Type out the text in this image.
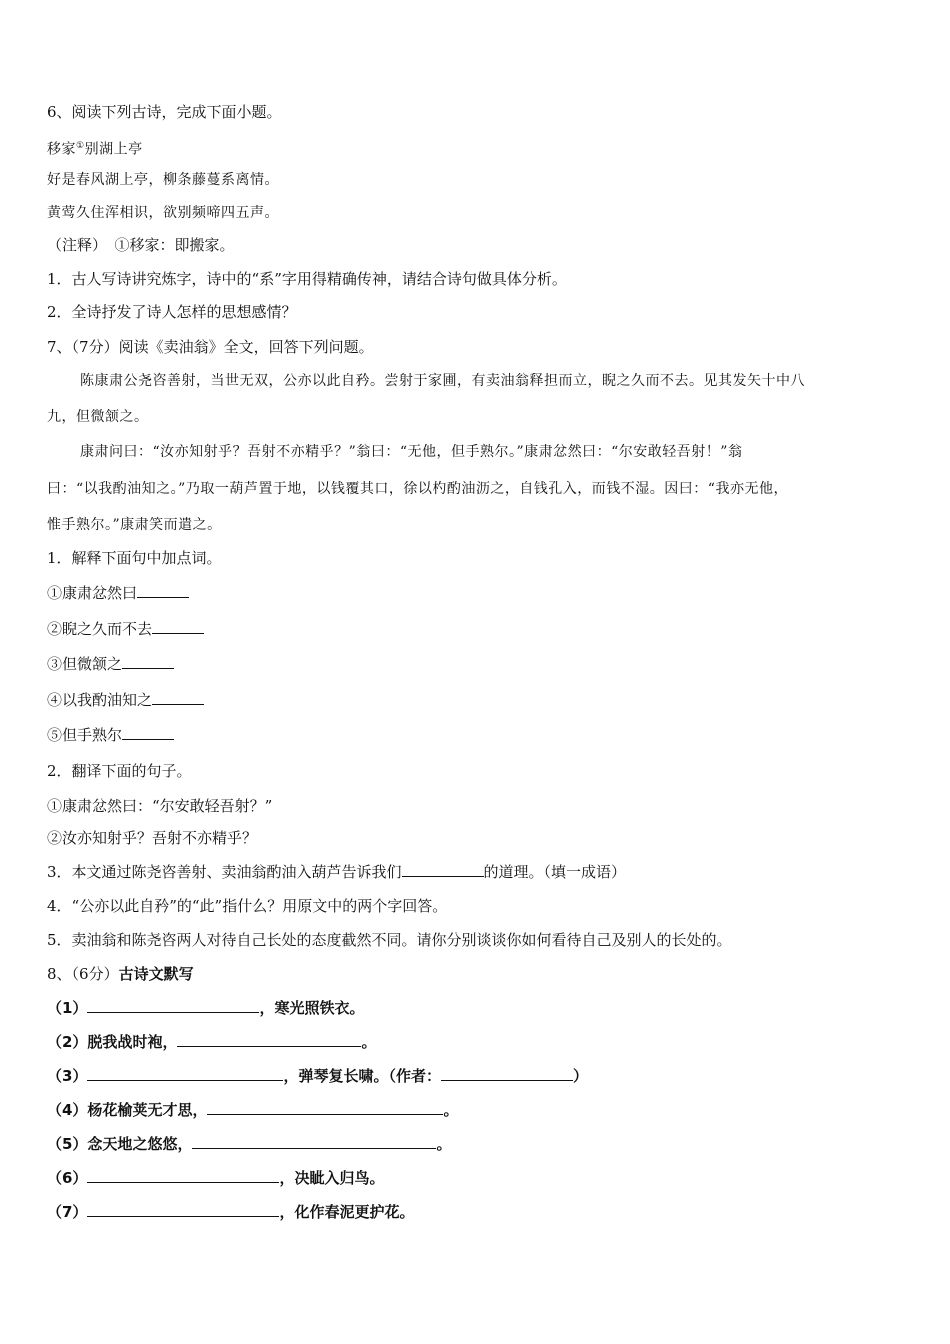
6、阅读下列古诗，完成下面小题。
移家①别湖上亭
好是春风湖上亭，柳条藤蔓系离情。
黄莺久住浑相识，欲别频啼四五声。
（注释）　①移家：即搬家。
1．古人写诗讲究炼字，诗中的“系”字用得精确传神，请结合诗句做具体分析。
2．全诗抒发了诗人怎样的思想感情？
7、（7分）阅读《卖油翁》全文，回答下列问题。
陈康肃公尧咨善射，当世无双，公亦以此自矜。尝射于家圃，有卖油翁释担而立，睨之久而不去。见其发矢十中八
九，但微颔之。
康肃问曰：“汝亦知射乎？吾射不亦精乎？”翁曰：“无他，但手熟尔。”康肃忿然曰：“尔安敢轻吾射！”翁
曰：“以我酌油知之。”乃取一葫芦置于地，以钱覆其口，徐以杓酌油沥之，自钱孔入，而钱不湿。因曰：“我亦无他，
惟手熟尔。”康肃笑而遣之。
1．解释下面句中加点词。
①康肃忿然曰
②睨之久而不去
③但微颔之
④以我酌油知之
⑤但手熟尔
2．翻译下面的句子。
①康肃忿然曰：“尔安敢轻吾射？”
②汝亦知射乎？吾射不亦精乎？
3．本文通过陈尧咨善射、卖油翁酌油入葫芦告诉我们	的道理。（填一成语）
4．“公亦以此自矜”的“此”指什么？用原文中的两个字回答。
5．卖油翁和陈尧咨两人对待自己长处的态度截然不同。请你分别谈谈你如何看待自己及别人的长处的。
8、（6分）古诗文默写
（1）	，寒光照铁衣。
（2）脱我战时袍，	。
（3）	，弹琴复长啸。（作者：	）
（4）杨花榆荚无才思，	。
（5）念天地之悠悠，	。
（6）	，决眦入归鸟。
（7）	，化作春泥更护花。
